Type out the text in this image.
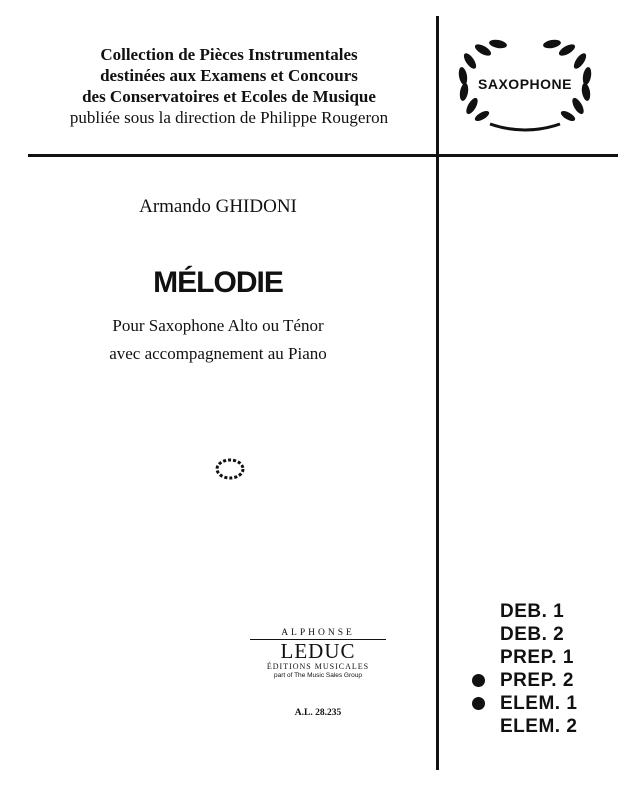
Collection de Pièces Instrumentales
destinées aux Examens et Concours
des Conservatoires et Ecoles de Musique
publiée sous la direction de Philippe Rougeron
SAXOPHONE
Armando GHIDONI
MÉLODIE
Pour Saxophone Alto ou Ténor
avec accompagnement au Piano
ALPHONSE
LEDUC
ÉDITIONS MUSICALES
part of The Music Sales Group
A.L. 28.235
DEB. 1
DEB. 2
PREP. 1
PREP. 2
ELEM. 1
ELEM. 2
